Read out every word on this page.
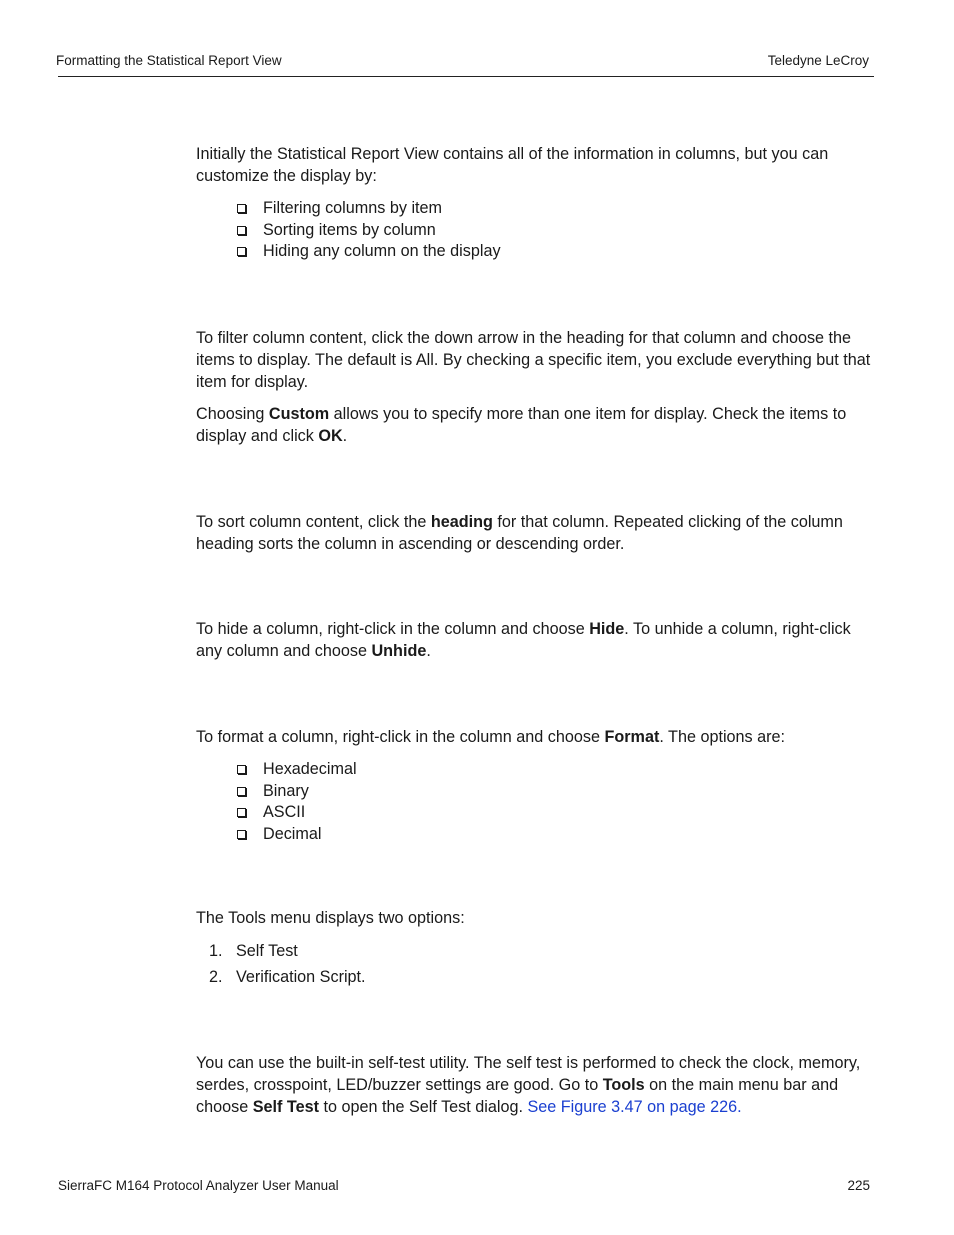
Formatting the Statistical Report View	Teledyne LeCroy

Initially the Statistical Report View contains all of the information in columns, but you can customize the display by:

Filtering columns by item
Sorting items by column
Hiding any column on the display

To filter column content, click the down arrow in the heading for that column and choose the items to display. The default is All. By checking a specific item, you exclude everything but that item for display.

Choosing Custom allows you to specify more than one item for display. Check the items to display and click OK.

To sort column content, click the heading for that column. Repeated clicking of the column heading sorts the column in ascending or descending order.

To hide a column, right-click in the column and choose Hide. To unhide a column, right-click any column and choose Unhide.

To format a column, right-click in the column and choose Format. The options are:

Hexadecimal
Binary
ASCII
Decimal

The Tools menu displays two options:

1. Self Test
2. Verification Script.

You can use the built-in self-test utility. The self test is performed to check the clock, memory, serdes, crosspoint, LED/buzzer settings are good. Go to Tools on the main menu bar and choose Self Test to open the Self Test dialog. See Figure 3.47 on page 226.

SierraFC M164 Protocol Analyzer User Manual	225
